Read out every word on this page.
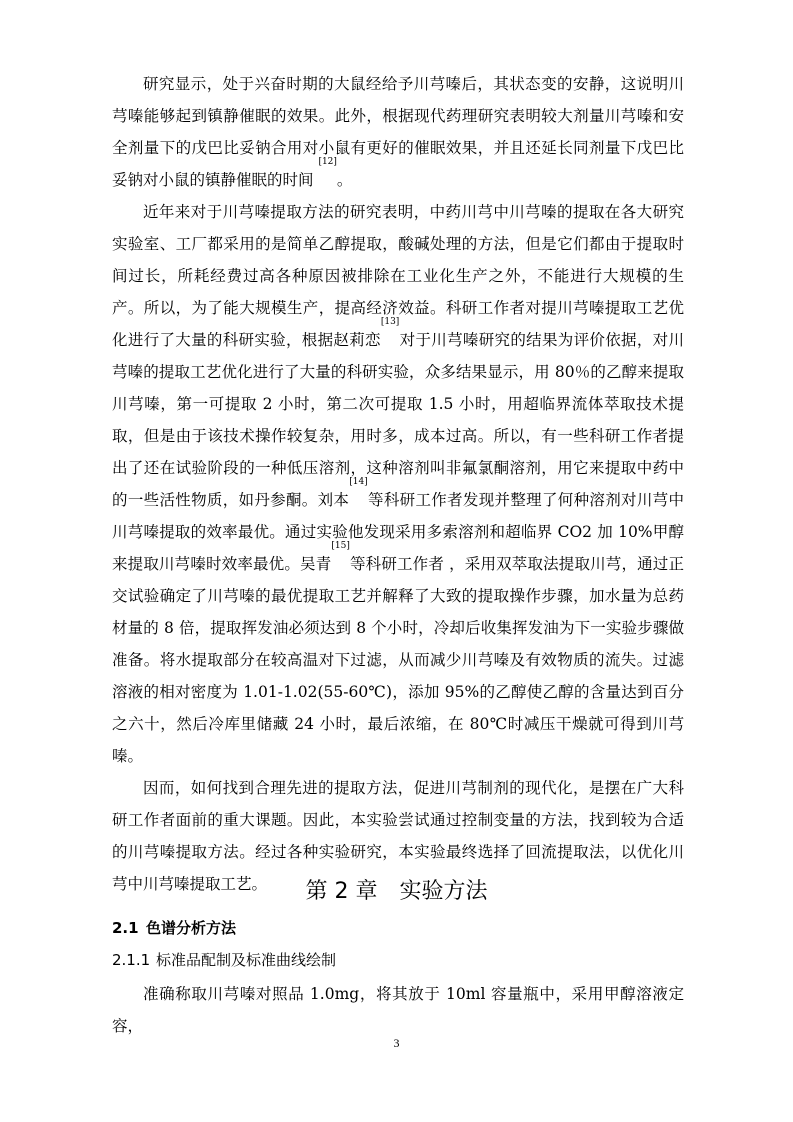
研究显示，处于兴奋时期的大鼠经给予川芎嗪后，其状态变的安静，这说明川芎嗪能够起到镇静催眠的效果。此外，根据现代药理研究表明较大剂量川芎嗪和安全剂量下的戊巴比妥钠合用对小鼠有更好的催眠效果，并且还延长同剂量下戊巴比妥钠对小鼠的镇静催眠的时间 [12]。

近年来对于川芎嗪提取方法的研究表明，中药川芎中川芎嗪的提取在各大研究实验室、工厂都采用的是简单乙醇提取，酸碱处理的方法，但是它们都由于提取时间过长，所耗经费过高各种原因被排除在工业化生产之外，不能进行大规模的生产。所以，为了能大规模生产，提高经济效益。科研工作者对提川芎嗪提取工艺优化进行了大量的科研实验，根据赵莉恋[13]对于川芎嗪研究的结果为评价依据，对川芎嗪的提取工艺优化进行了大量的科研实验，众多结果显示，用 80％的乙醇来提取川芎嗪，第一可提取 2 小时，第二次可提取 1.5 小时，用超临界流体萃取技术提取，但是由于该技术操作较复杂，用时多，成本过高。所以，有一些科研工作者提出了还在试验阶段的一种低压溶剂，这种溶剂叫非氟氯酮溶剂，用它来提取中药中的一些活性物质，如丹参酮。刘本[14]等科研工作者发现并整理了何种溶剂对川芎中川芎嗪提取的效率最优。通过实验他发现采用多索溶剂和超临界 CO2 加 10%甲醇来提取川芎嗪时效率最优。吴青[15]等科研工作者 ，采用双萃取法提取川芎，通过正交试验确定了川芎嗪的最优提取工艺并解释了大致的提取操作步骤，加水量为总药材量的 8 倍，提取挥发油必须达到 8 个小时，冷却后收集挥发油为下一实验步骤做准备。将水提取部分在较高温对下过滤，从而减少川芎嗪及有效物质的流失。过滤溶液的相对密度为 1.01-1.02(55-60℃)，添加 95%的乙醇使乙醇的含量达到百分之六十，然后冷库里储藏 24 小时，最后浓缩，在 80℃时减压干燥就可得到川芎嗪。

因而，如何找到合理先进的提取方法，促进川芎制剂的现代化，是摆在广大科研工作者面前的重大课题。因此，本实验尝试通过控制变量的方法，找到较为合适的川芎嗪提取方法。经过各种实验研究，本实验最终选择了回流提取法，以优化川芎中川芎嗪提取工艺。	第 2 章 实验方法
2.1 色谱分析方法
2.1.1 标准品配制及标准曲线绘制

准确称取川芎嗪对照品 1.0mg，将其放于 10ml 容量瓶中，采用甲醇溶液定容，

3
